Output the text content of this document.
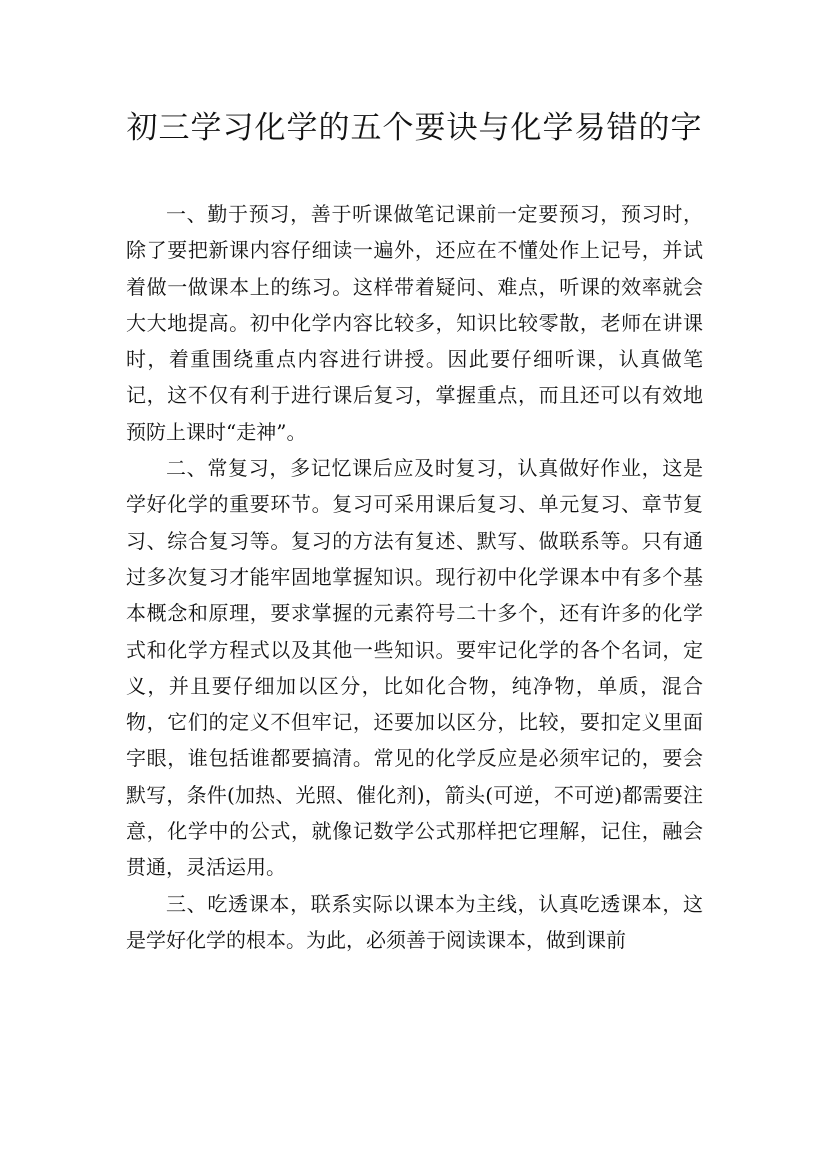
初三学习化学的五个要诀与化学易错的字

一、勤于预习，善于听课做笔记课前一定要预习，预习时，除了要把新课内容仔细读一遍外，还应在不懂处作上记号，并试着做一做课本上的练习。这样带着疑问、难点，听课的效率就会大大地提高。初中化学内容比较多，知识比较零散，老师在讲课时，着重围绕重点内容进行讲授。因此要仔细听课，认真做笔记，这不仅有利于进行课后复习，掌握重点，而且还可以有效地预防上课时“走神”。

二、常复习，多记忆课后应及时复习，认真做好作业，这是学好化学的重要环节。复习可采用课后复习、单元复习、章节复习、综合复习等。复习的方法有复述、默写、做联系等。只有通过多次复习才能牢固地掌握知识。现行初中化学课本中有多个基本概念和原理，要求掌握的元素符号二十多个，还有许多的化学式和化学方程式以及其他一些知识。要牢记化学的各个名词，定义，并且要仔细加以区分，比如化合物，纯净物，单质，混合物，它们的定义不但牢记，还要加以区分，比较，要扣定义里面字眼，谁包括谁都要搞清。常见的化学反应是必须牢记的，要会默写，条件(加热、光照、催化剂)，箭头(可逆，不可逆)都需要注意，化学中的公式，就像记数学公式那样把它理解，记住，融会贯通，灵活运用。

三、吃透课本，联系实际以课本为主线，认真吃透课本，这是学好化学的根本。为此，必须善于阅读课本，做到课前
